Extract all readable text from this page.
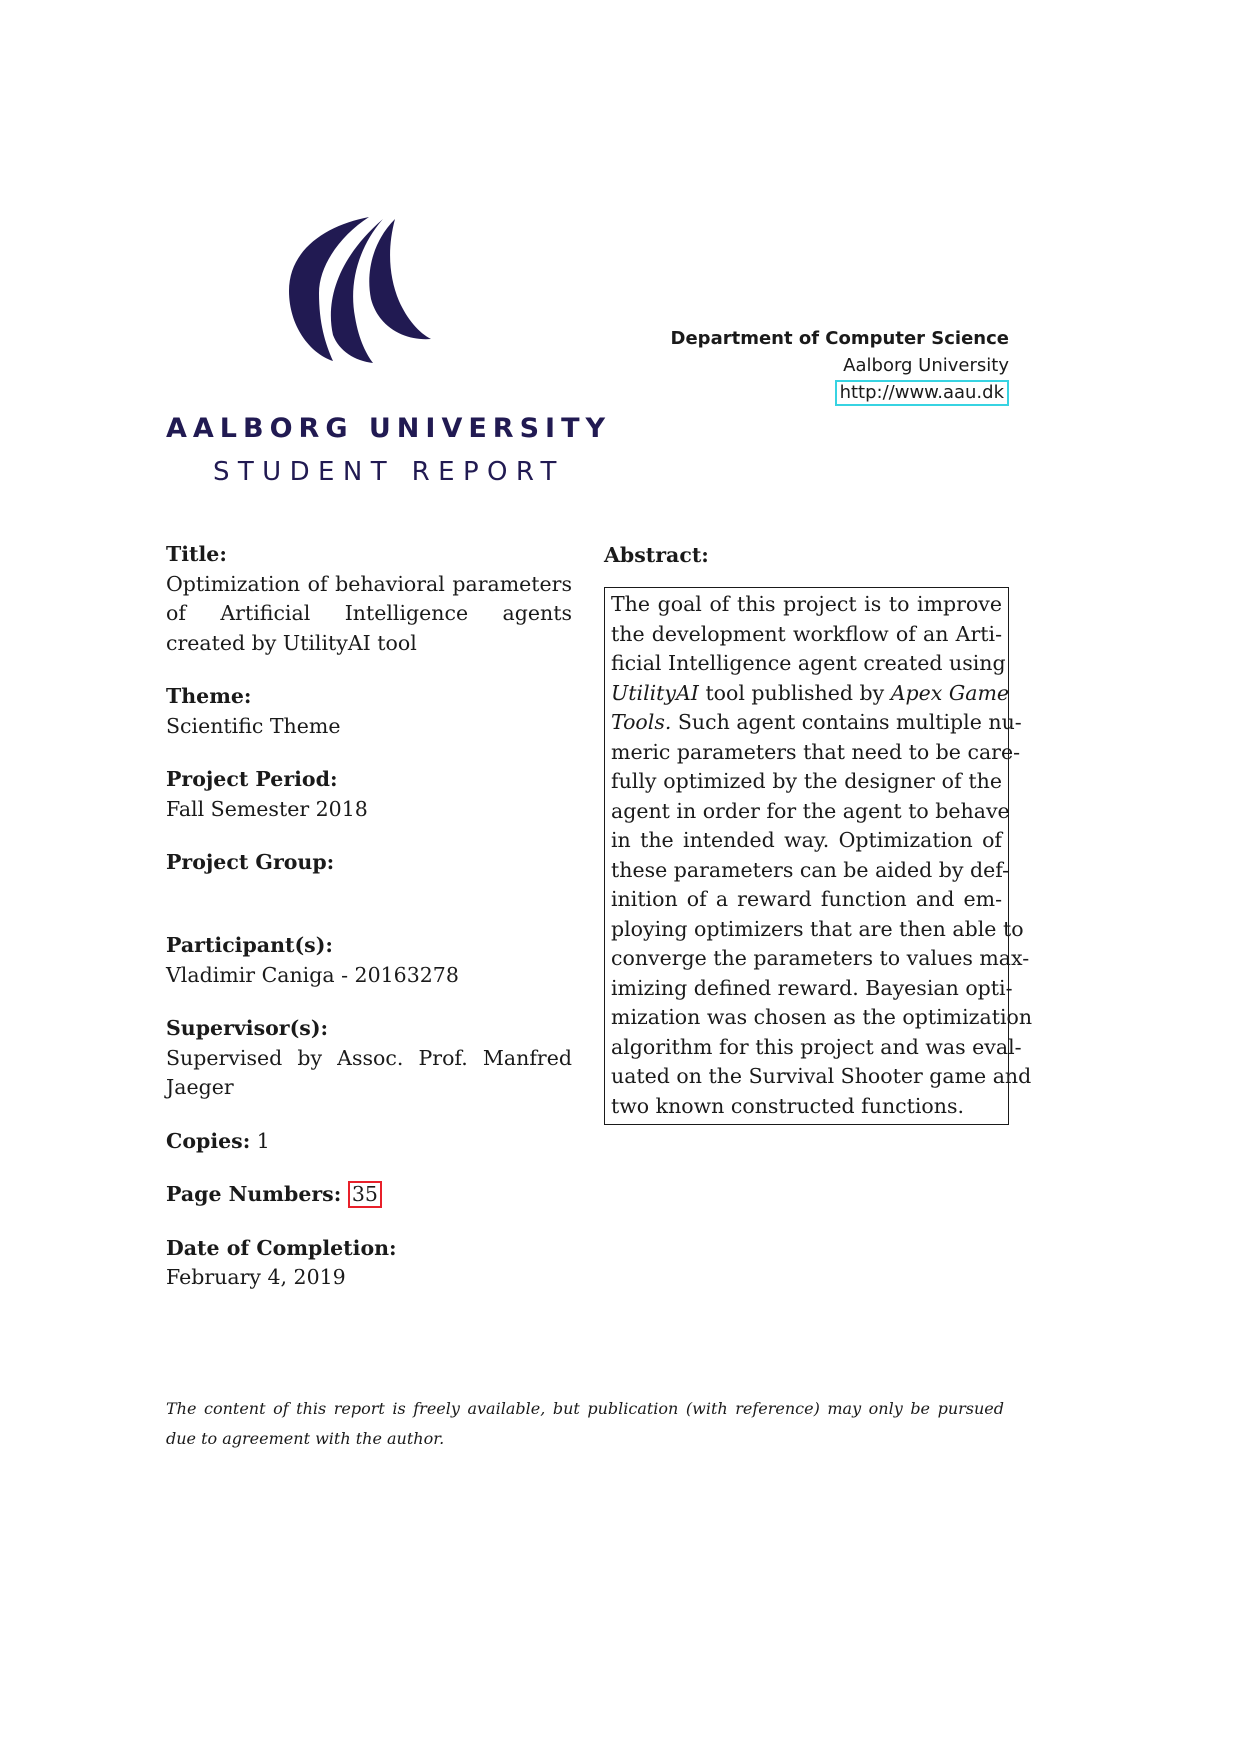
AALBORG UNIVERSITY
STUDENT REPORT
Department of Computer Science
Aalborg University
http://www.aau.dk
Title:
Optimization of behavioral parameters of Artificial Intelligence agents created by UtilityAI tool
Theme:
Scientific Theme
Project Period:
Fall Semester 2018
Project Group:
Participant(s):
Vladimir Caniga - 20163278
Supervisor(s):
Supervised by Assoc. Prof. Manfred Jaeger
Copies: 1
Page Numbers: 35
Date of Completion:
February 4, 2019
Abstract:
The goal of this project is to improve
the development workflow of an Arti-
ficial Intelligence agent created using
UtilityAI tool published by Apex Game
Tools. Such agent contains multiple nu-
meric parameters that need to be care-
fully optimized by the designer of the
agent in order for the agent to behave
in the intended way. Optimization of
these parameters can be aided by def-
inition of a reward function and em-
ploying optimizers that are then able to
converge the parameters to values max-
imizing defined reward. Bayesian opti-
mization was chosen as the optimization
algorithm for this project and was eval-
uated on the Survival Shooter game and
two known constructed functions.
The content of this report is freely available, but publication (with reference) may only be pursued
due to agreement with the author.
